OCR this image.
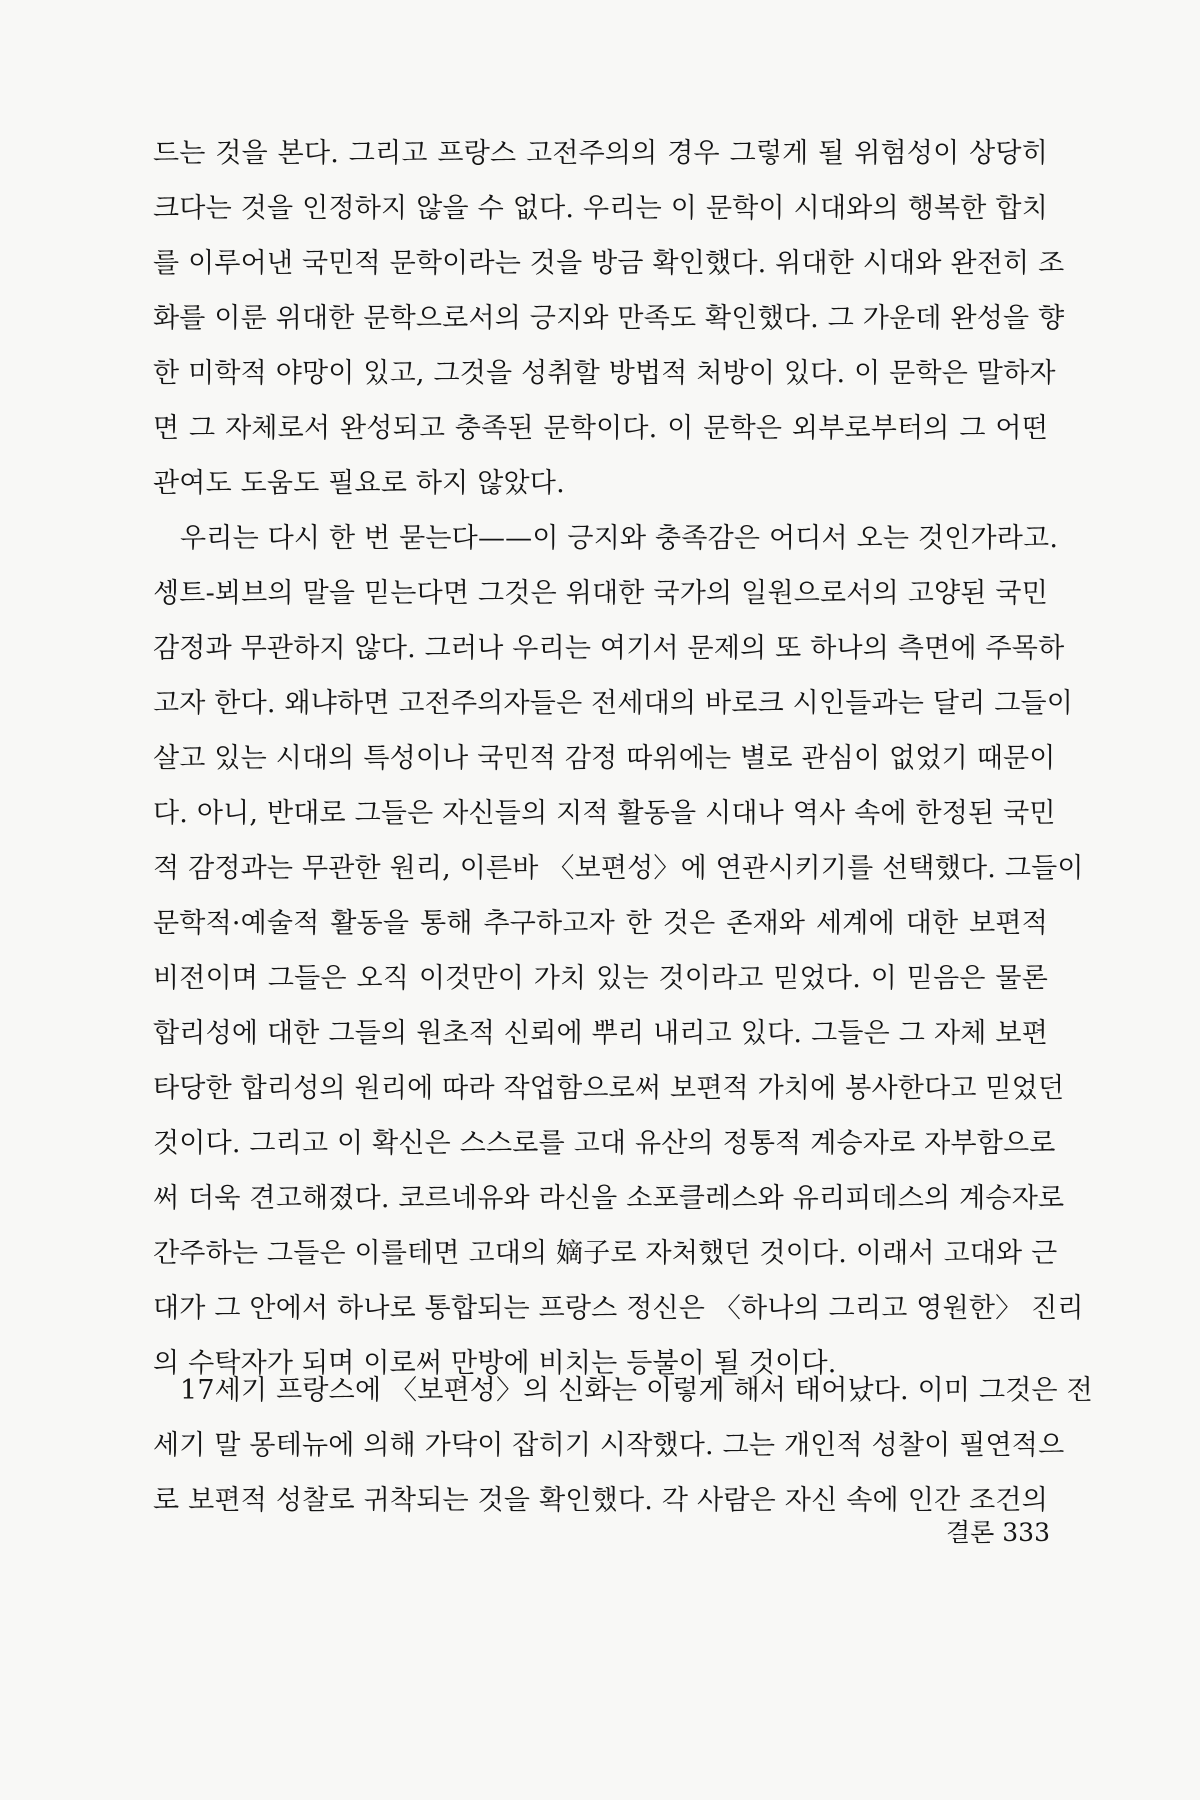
드는 것을 본다. 그리고 프랑스 고전주의의 경우 그렇게 될 위험성이 상당히
크다는 것을 인정하지 않을 수 없다. 우리는 이 문학이 시대와의 행복한 합치
를 이루어낸 국민적 문학이라는 것을 방금 확인했다. 위대한 시대와 완전히 조
화를 이룬 위대한 문학으로서의 긍지와 만족도 확인했다. 그 가운데 완성을 향
한 미학적 야망이 있고, 그것을 성취할 방법적 처방이 있다. 이 문학은 말하자
면 그 자체로서 완성되고 충족된 문학이다. 이 문학은 외부로부터의 그 어떤
관여도 도움도 필요로 하지 않았다.
우리는 다시 한 번 묻는다——이 긍지와 충족감은 어디서 오는 것인가라고.
셍트-뵈브의 말을 믿는다면 그것은 위대한 국가의 일원으로서의 고양된 국민
감정과 무관하지 않다. 그러나 우리는 여기서 문제의 또 하나의 측면에 주목하
고자 한다. 왜냐하면 고전주의자들은 전세대의 바로크 시인들과는 달리 그들이
살고 있는 시대의 특성이나 국민적 감정 따위에는 별로 관심이 없었기 때문이
다. 아니, 반대로 그들은 자신들의 지적 활동을 시대나 역사 속에 한정된 국민
적 감정과는 무관한 원리, 이른바 〈보편성〉에 연관시키기를 선택했다. 그들이
문학적·예술적 활동을 통해 추구하고자 한 것은 존재와 세계에 대한 보편적
비전이며 그들은 오직 이것만이 가치 있는 것이라고 믿었다. 이 믿음은 물론
합리성에 대한 그들의 원초적 신뢰에 뿌리 내리고 있다. 그들은 그 자체 보편
타당한 합리성의 원리에 따라 작업함으로써 보편적 가치에 봉사한다고 믿었던
것이다. 그리고 이 확신은 스스로를 고대 유산의 정통적 계승자로 자부함으로
써 더욱 견고해졌다. 코르네유와 라신을 소포클레스와 유리피데스의 계승자로
간주하는 그들은 이를테면 고대의 嫡子로 자처했던 것이다. 이래서 고대와 근
대가 그 안에서 하나로 통합되는 프랑스 정신은 〈하나의 그리고 영원한〉 진리
의 수탁자가 되며 이로써 만방에 비치는 등불이 될 것이다.
17세기 프랑스에 〈보편성〉의 신화는 이렇게 해서 태어났다. 이미 그것은 전
세기 말 몽테뉴에 의해 가닥이 잡히기 시작했다. 그는 개인적 성찰이 필연적으
로 보편적 성찰로 귀착되는 것을 확인했다. 각 사람은 자신 속에 인간 조건의
결론 333
